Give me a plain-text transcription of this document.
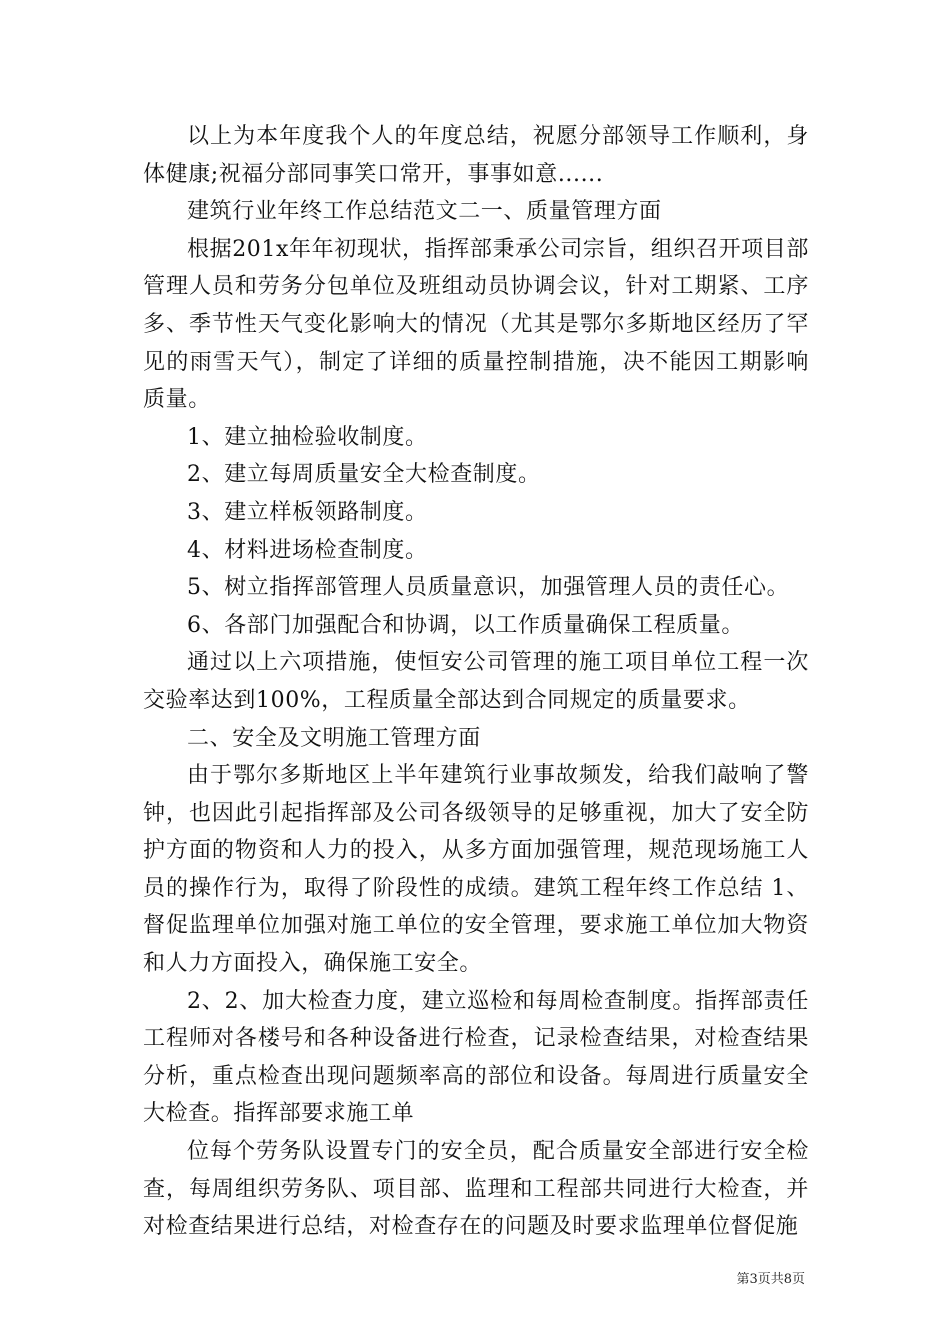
以上为本年度我个人的年度总结，祝愿分部领导工作顺利，身体健康;祝福分部同事笑口常开，事事如意......

建筑行业年终工作总结范文二一、质量管理方面

根据201x年年初现状，指挥部秉承公司宗旨，组织召开项目部管理人员和劳务分包单位及班组动员协调会议，针对工期紧、工序多、季节性天气变化影响大的情况（尤其是鄂尔多斯地区经历了罕见的雨雪天气），制定了详细的质量控制措施，决不能因工期影响质量。

1、建立抽检验收制度。

2、建立每周质量安全大检查制度。

3、建立样板领路制度。

4、材料进场检查制度。

5、树立指挥部管理人员质量意识，加强管理人员的责任心。

6、各部门加强配合和协调，以工作质量确保工程质量。

通过以上六项措施，使恒安公司管理的施工项目单位工程一次交验率达到100%，工程质量全部达到合同规定的质量要求。

二、安全及文明施工管理方面

由于鄂尔多斯地区上半年建筑行业事故频发，给我们敲响了警钟，也因此引起指挥部及公司各级领导的足够重视，加大了安全防护方面的物资和人力的投入，从多方面加强管理，规范现场施工人员的操作行为，取得了阶段性的成绩。建筑工程年终工作总结 1、督促监理单位加强对施工单位的安全管理，要求施工单位加大物资和人力方面投入，确保施工安全。

2、2、加大检查力度，建立巡检和每周检查制度。指挥部责任工程师对各楼号和各种设备进行检查，记录检查结果，对检查结果分析，重点检查出现问题频率高的部位和设备。每周进行质量安全大检查。指挥部要求施工单

位每个劳务队设置专门的安全员，配合质量安全部进行安全检查，每周组织劳务队、项目部、监理和工程部共同进行大检查，并对检查结果进行总结，对检查存在的问题及时要求监理单位督促施

第3页共8页
